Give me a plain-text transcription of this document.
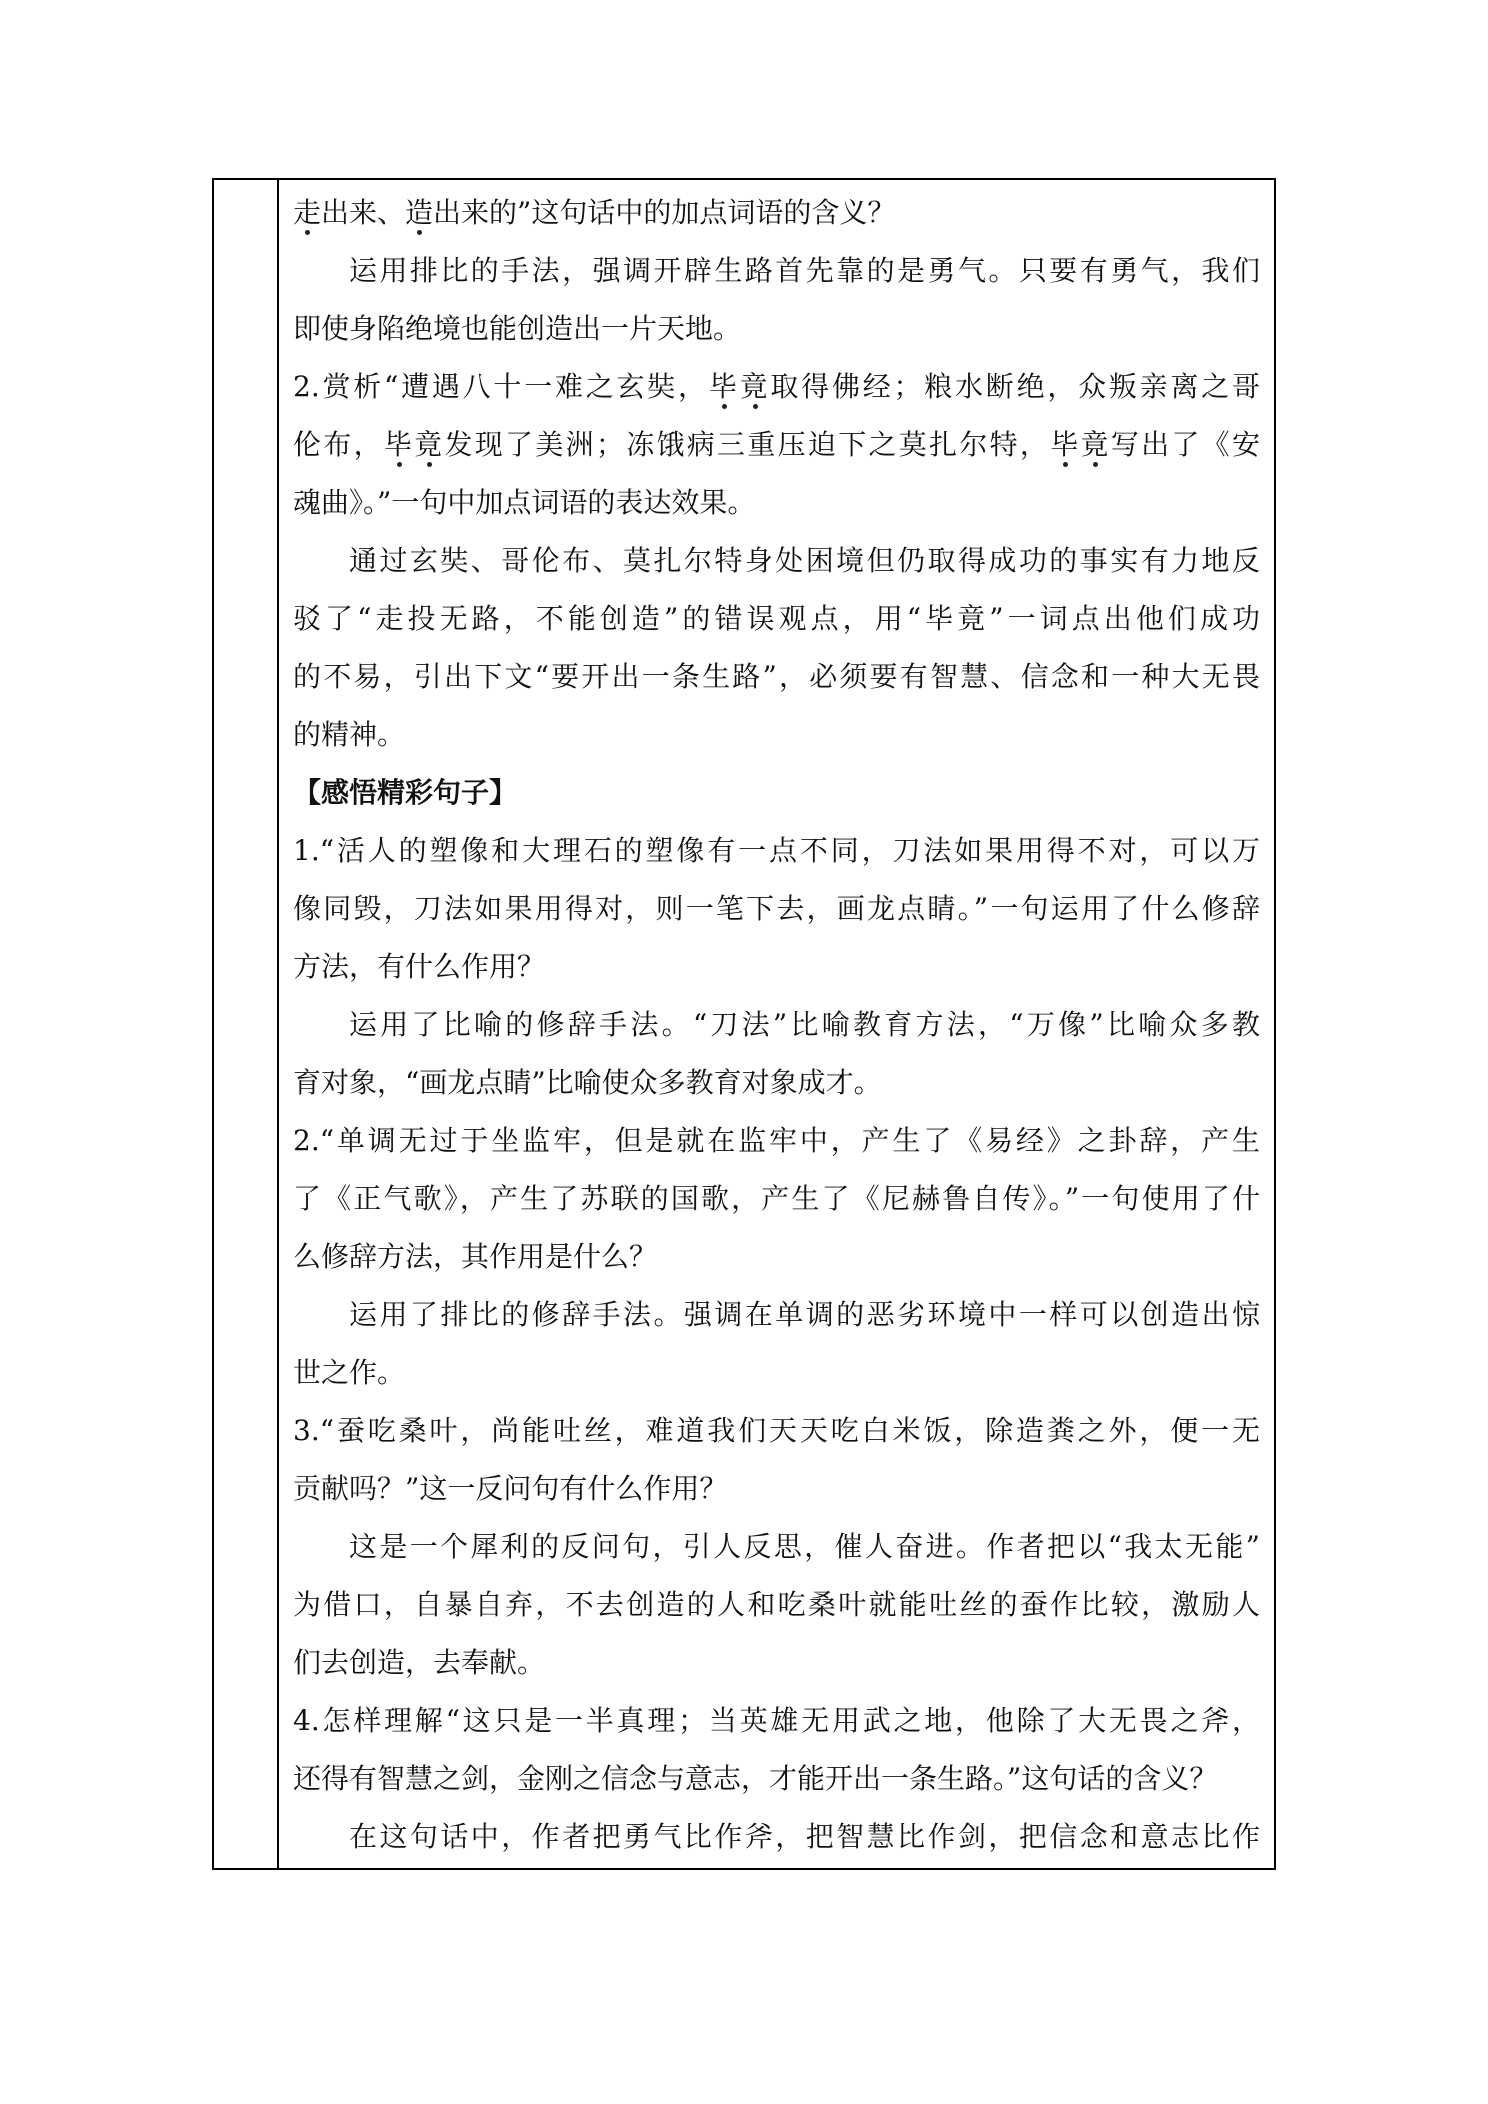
走出来、造出来的”这句话中的加点词语的含义？
运用排比的手法，强调开辟生路首先靠的是勇气。只要有勇气，我们
即使身陷绝境也能创造出一片天地。
2.赏析“遭遇八十一难之玄奘，毕竟取得佛经；粮水断绝，众叛亲离之哥
伦布，毕竟发现了美洲；冻饿病三重压迫下之莫扎尔特，毕竟写出了《安
魂曲》。”一句中加点词语的表达效果。
通过玄奘、哥伦布、莫扎尔特身处困境但仍取得成功的事实有力地反
驳了“走投无路，不能创造”的错误观点，用“毕竟”一词点出他们成功
的不易，引出下文“要开出一条生路”，必须要有智慧、信念和一种大无畏
的精神。
【感悟精彩句子】
1.“活人的塑像和大理石的塑像有一点不同，刀法如果用得不对，可以万
像同毁，刀法如果用得对，则一笔下去，画龙点睛。”一句运用了什么修辞
方法，有什么作用？
运用了比喻的修辞手法。“刀法”比喻教育方法，“万像”比喻众多教
育对象，“画龙点睛”比喻使众多教育对象成才。
2.“单调无过于坐监牢，但是就在监牢中，产生了《易经》之卦辞，产生
了《正气歌》，产生了苏联的国歌，产生了《尼赫鲁自传》。”一句使用了什
么修辞方法，其作用是什么？
运用了排比的修辞手法。强调在单调的恶劣环境中一样可以创造出惊
世之作。
3.“蚕吃桑叶，尚能吐丝，难道我们天天吃白米饭，除造粪之外，便一无
贡献吗？”这一反问句有什么作用？
这是一个犀利的反问句，引人反思，催人奋进。作者把以“我太无能”
为借口，自暴自弃，不去创造的人和吃桑叶就能吐丝的蚕作比较，激励人
们去创造，去奉献。
4.怎样理解“这只是一半真理；当英雄无用武之地，他除了大无畏之斧，
还得有智慧之剑，金刚之信念与意志，才能开出一条生路。”这句话的含义？
在这句话中，作者把勇气比作斧，把智慧比作剑，把信念和意志比作
